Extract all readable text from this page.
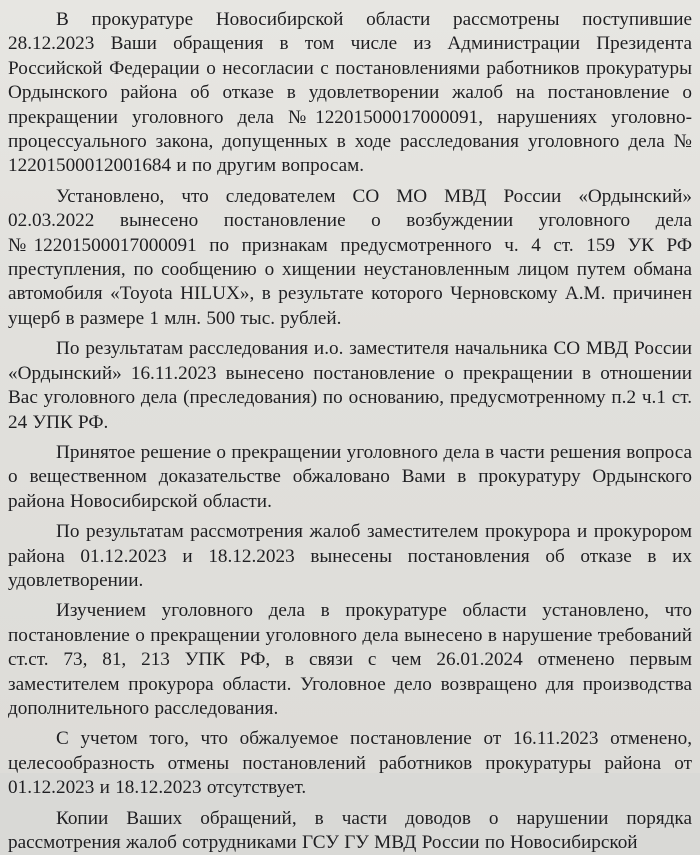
В прокуратуре Новосибирской области рассмотрены поступившие 28.12.2023 Ваши обращения в том числе из Администрации Президента Российской Федерации о несогласии с постановлениями работников прокуратуры Ордынского района об отказе в удовлетворении жалоб на постановление о прекращении уголовного дела №12201500017000091, нарушениях уголовно-процессуального закона, допущенных в ходе расследования уголовного дела № 12201500012001684 и по другим вопросам.

Установлено, что следователем СО МО МВД России «Ордынский» 02.03.2022 вынесено постановление о возбуждении уголовного дела №12201500017000091 по признакам предусмотренного ч. 4 ст. 159 УК РФ преступления, по сообщению о хищении неустановленным лицом путем обмана автомобиля «Toyota HILUX», в результате которого Черновскому А.М. причинен ущерб в размере 1 млн. 500 тыс. рублей.

По результатам расследования и.о. заместителя начальника СО МВД России «Ордынский» 16.11.2023 вынесено постановление о прекращении в отношении Вас уголовного дела (преследования) по основанию, предусмотренному п.2 ч.1 ст. 24 УПК РФ.

Принятое решение о прекращении уголовного дела в части решения вопроса о вещественном доказательстве обжаловано Вами в прокуратуру Ордынского района Новосибирской области.

По результатам рассмотрения жалоб заместителем прокурора и прокурором района 01.12.2023 и 18.12.2023 вынесены постановления об отказе в их удовлетворении.

Изучением уголовного дела в прокуратуре области установлено, что постановление о прекращении уголовного дела вынесено в нарушение требований ст.ст. 73, 81, 213 УПК РФ, в связи с чем 26.01.2024 отменено первым заместителем прокурора области. Уголовное дело возвращено для производства дополнительного расследования.

С учетом того, что обжалуемое постановление от 16.11.2023 отменено, целесообразность отмены постановлений работников прокуратуры района от 01.12.2023 и 18.12.2023 отсутствует.

Копии Ваших обращений, в части доводов о нарушении порядка рассмотрения жалоб сотрудниками ГСУ ГУ МВД России по Новосибирской
